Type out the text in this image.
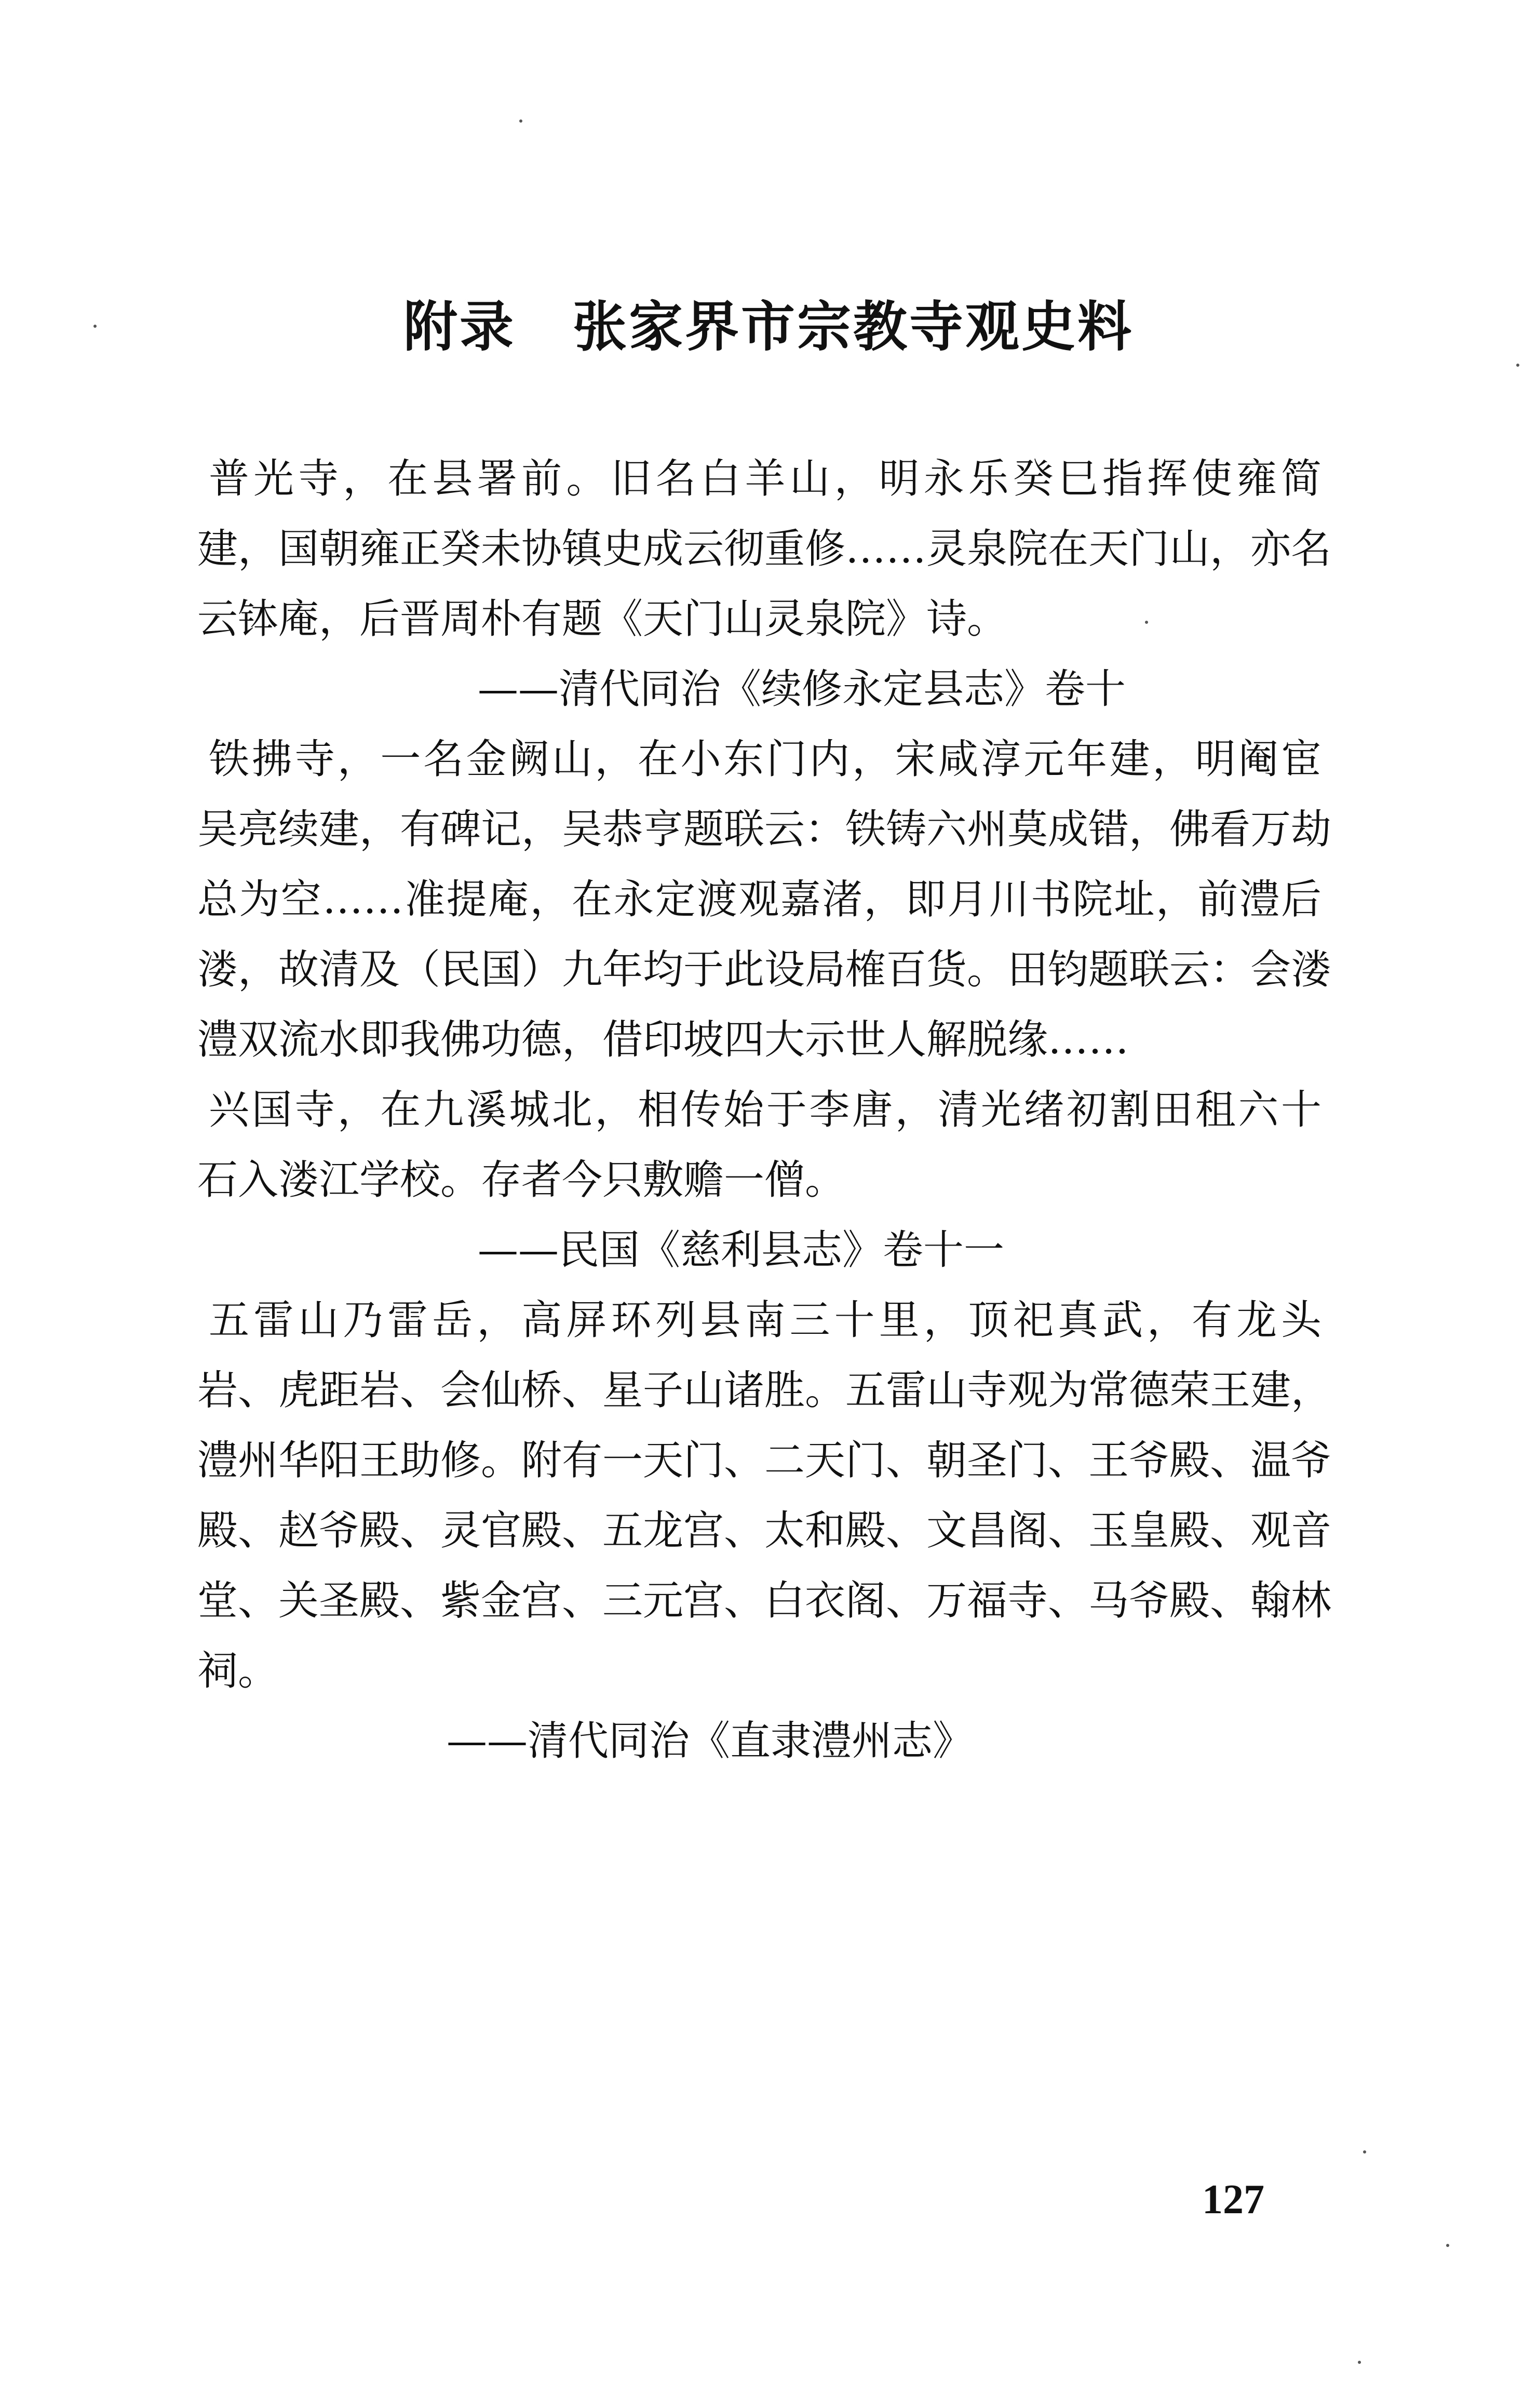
附录 张家界市宗教寺观史料
普光寺，在县署前。旧名白羊山，明永乐癸巳指挥使雍简
建，国朝雍正癸未协镇史成云彻重修……灵泉院在天门山，亦名
云钵庵，后晋周朴有题《天门山灵泉院》诗。
——清代同治《续修永定县志》卷十
铁拂寺，一名金阙山，在小东门内，宋咸淳元年建，明阉宦
吴亮续建，有碑记，吴恭亨题联云：铁铸六州莫成错，佛看万劫
总为空……准提庵，在永定渡观嘉渚，即月川书院址，前澧后
溇，故清及（民国）九年均于此设局榷百货。田钧题联云：会溇
澧双流水即我佛功德，借印坡四大示世人解脱缘……
兴国寺，在九溪城北，相传始于李唐，清光绪初割田租六十
石入溇江学校。存者今只敷赡一僧。
——民国《慈利县志》卷十一
五雷山乃雷岳，高屏环列县南三十里，顶祀真武，有龙头
岩、虎距岩、会仙桥、星子山诸胜。五雷山寺观为常德荣王建，
澧州华阳王助修。附有一天门、二天门、朝圣门、王爷殿、温爷
殿、赵爷殿、灵官殿、五龙宫、太和殿、文昌阁、玉皇殿、观音
堂、关圣殿、紫金宫、三元宫、白衣阁、万福寺、马爷殿、翰林
祠。
——清代同治《直隶澧州志》
127
